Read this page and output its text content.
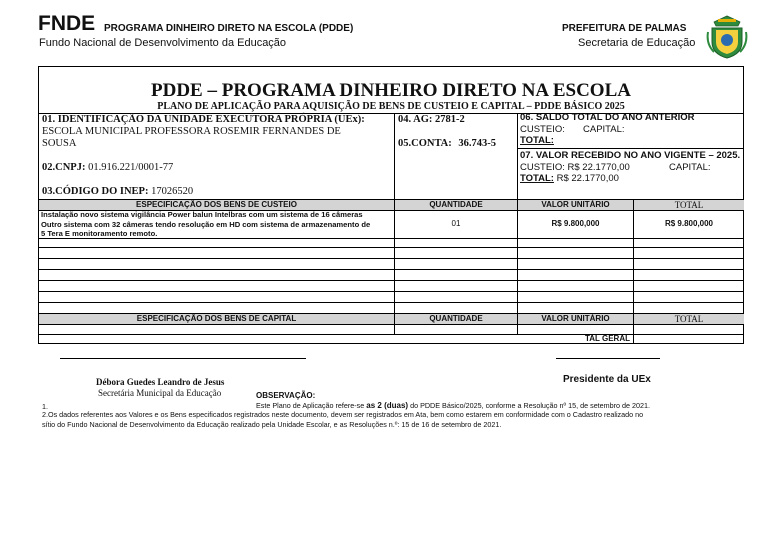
FNDE PROGRAMA DINHEIRO DIRETO NA ESCOLA (PDDE)
Fundo Nacional de Desenvolvimento da Educação
PREFEITURA DE PALMAS
Secretaria de Educação
PDDE – PROGRAMA DINHEIRO DIRETO NA ESCOLA
PLANO DE APLICAÇÃO PARA AQUISIÇÃO DE BENS DE CUSTEIO E CAPITAL – PDDE BÁSICO 2025
01. IDENTIFICAÇÃO DA UNIDADE EXECUTORA PRÓPRIA (UEx):
ESCOLA MUNICIPAL PROFESSORA ROSEMIR FERNANDES DE
SOUSA
02.CNPJ: 01.916.221/0001-77
03.CÓDIGO DO INEP: 17026520
04. AG: 2781-2
05.CONTA: 36.743-5
06. SALDO TOTAL DO ANO ANTERIOR
CUSTEIO: CAPITAL:
TOTAL:
07. VALOR RECEBIDO NO ANO VIGENTE – 2025.
CUSTEIO: R$ 22.1770,00	CAPITAL:
TOTAL: R$ 22.1770,00
ESPECIFICAÇÃO DOS BENS DE CUSTEIO	QUANTIDADE	VALOR UNITÁRIO	TOTAL
Instalação novo sistema vigilância Power balun Intelbras com um sistema de 16 câmeras
Outro sistema com 32 câmeras tendo resolução em HD com sistema de armazenamento de
5 Tera E monitoramento remoto.
01	R$ 9.800,000	R$ 9.800,000
ESPECIFICAÇÃO DOS BENS DE CAPITAL	QUANTIDADE	VALOR UNITÁRIO	TOTAL
TAL GERAL
Débora Guedes Leandro de Jesus
Secretária Municipal da Educação
Presidente da UEx
OBSERVAÇÃO:
1.	Este Plano de Aplicação refere-se as 2 (duas) do PDDE Básico/2025, conforme a Resolução nº 15, de setembro de 2021.
2.Os dados referentes aos Valores e os Bens especificados registrados neste documento, devem ser registrados em Ata, bem como estarem em conformidade com o Cadastro realizado no
sítio do Fundo Nacional de Desenvolvimento da Educação realizado pela Unidade Escolar, e as Resoluções n.º: 15 de 16 de setembro de 2021.
